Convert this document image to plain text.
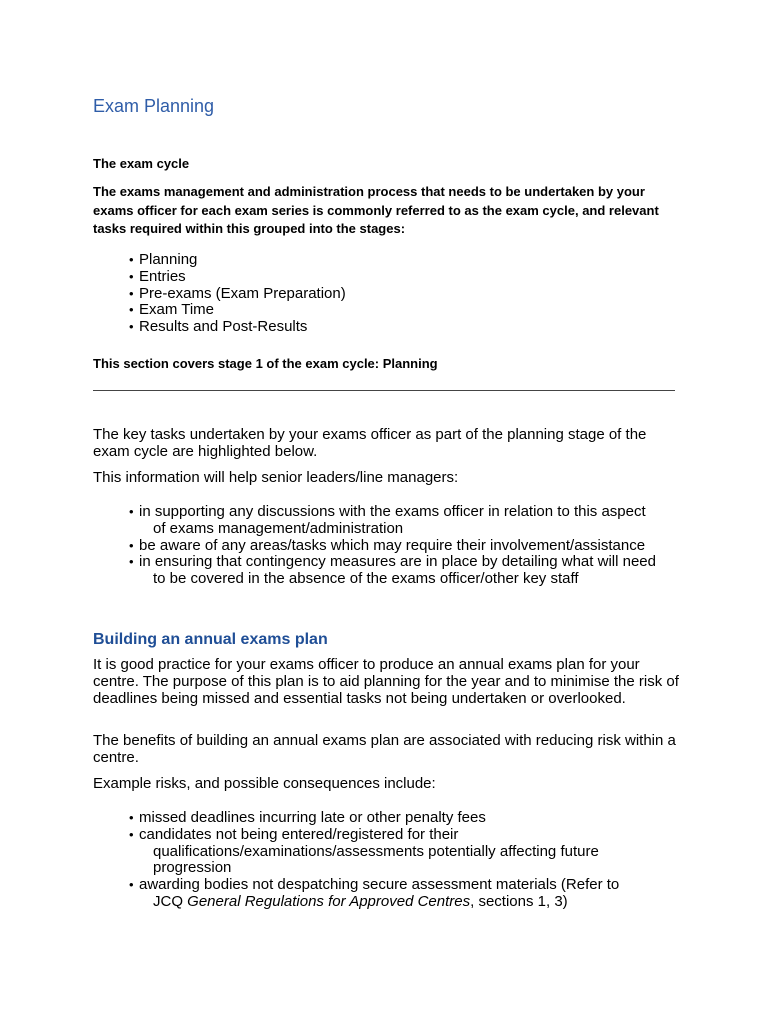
Exam Planning

The exam cycle

The exams management and administration process that needs to be undertaken by your exams officer for each exam series is commonly referred to as the exam cycle, and relevant tasks required within this grouped into the stages:

• Planning
• Entries
• Pre-exams (Exam Preparation)
• Exam Time
• Results and Post-Results

This section covers stage 1 of the exam cycle: Planning

The key tasks undertaken by your exams officer as part of the planning stage of the exam cycle are highlighted below.

This information will help senior leaders/line managers:

• in supporting any discussions with the exams officer in relation to this aspect
of exams management/administration
• be aware of any areas/tasks which may require their involvement/assistance
• in ensuring that contingency measures are in place by detailing what will need
to be covered in the absence of the exams officer/other key staff
Building an annual exams plan

It is good practice for your exams officer to produce an annual exams plan for your centre. The purpose of this plan is to aid planning for the year and to minimise the risk of deadlines being missed and essential tasks not being undertaken or overlooked.

The benefits of building an annual exams plan are associated with reducing risk within a centre.

Example risks, and possible consequences include:

• missed deadlines incurring late or other penalty fees
• candidates not being entered/registered for their
qualifications/examinations/assessments potentially affecting future
progression
• awarding bodies not despatching secure assessment materials (Refer to
JCQ General Regulations for Approved Centres, sections 1, 3)
